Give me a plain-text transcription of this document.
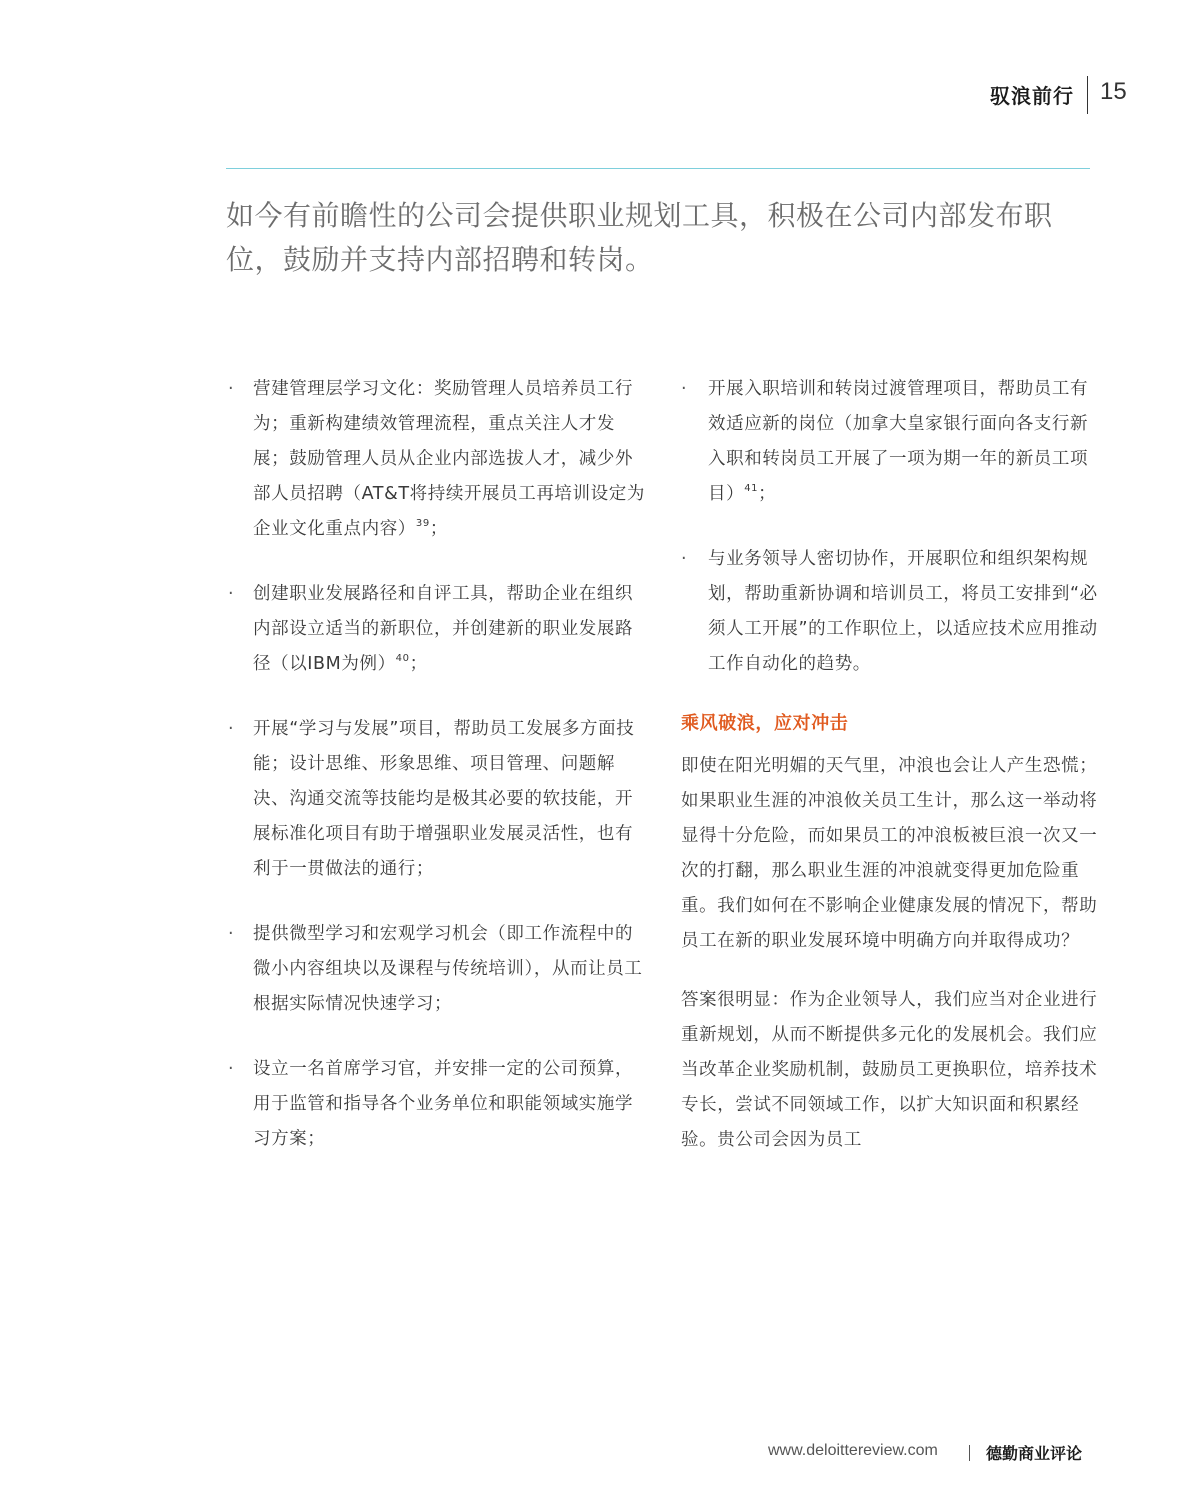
驭浪前行 15
如今有前瞻性的公司会提供职业规划工具，积极在公司内部发布职位，鼓励并支持内部招聘和转岗。
·	营建管理层学习文化：奖励管理人员培养员工行为；重新构建绩效管理流程，重点关注人才发展；鼓励管理人员从企业内部选拔人才，减少外部人员招聘（AT&T将持续开展员工再培训设定为企业文化重点内容）$^{39}$；
·	创建职业发展路径和自评工具，帮助企业在组织内部设立适当的新职位，并创建新的职业发展路径（以IBM为例）$^{40}$；
·	开展“学习与发展”项目，帮助员工发展多方面技能；设计思维、形象思维、项目管理、问题解决、沟通交流等技能均是极其必要的软技能，开展标准化项目有助于增强职业发展灵活性，也有利于一贯做法的通行；
·	提供微型学习和宏观学习机会（即工作流程中的微小内容组块以及课程与传统培训），从而让员工根据实际情况快速学习；
·	设立一名首席学习官，并安排一定的公司预算，用于监管和指导各个业务单位和职能领域实施学习方案；
·	开展入职培训和转岗过渡管理项目，帮助员工有效适应新的岗位（加拿大皇家银行面向各支行新入职和转岗员工开展了一项为期一年的新员工项目）$^{41}$；
·	与业务领导人密切协作，开展职位和组织架构规划，帮助重新协调和培训员工，将员工安排到“必须人工开展”的工作职位上，以适应技术应用推动工作自动化的趋势。
乘风破浪，应对冲击
即使在阳光明媚的天气里，冲浪也会让人产生恐慌；如果职业生涯的冲浪攸关员工生计，那么这一举动将显得十分危险，而如果员工的冲浪板被巨浪一次又一次的打翻，那么职业生涯的冲浪就变得更加危险重重。我们如何在不影响企业健康发展的情况下，帮助员工在新的职业发展环境中明确方向并取得成功？
答案很明显：作为企业领导人，我们应当对企业进行重新规划，从而不断提供多元化的发展机会。我们应当改革企业奖励机制，鼓励员工更换职位，培养技术专长，尝试不同领域工作，以扩大知识面和积累经验。贵公司会因为员工
www.deloittereview.com	德勤商业评论
